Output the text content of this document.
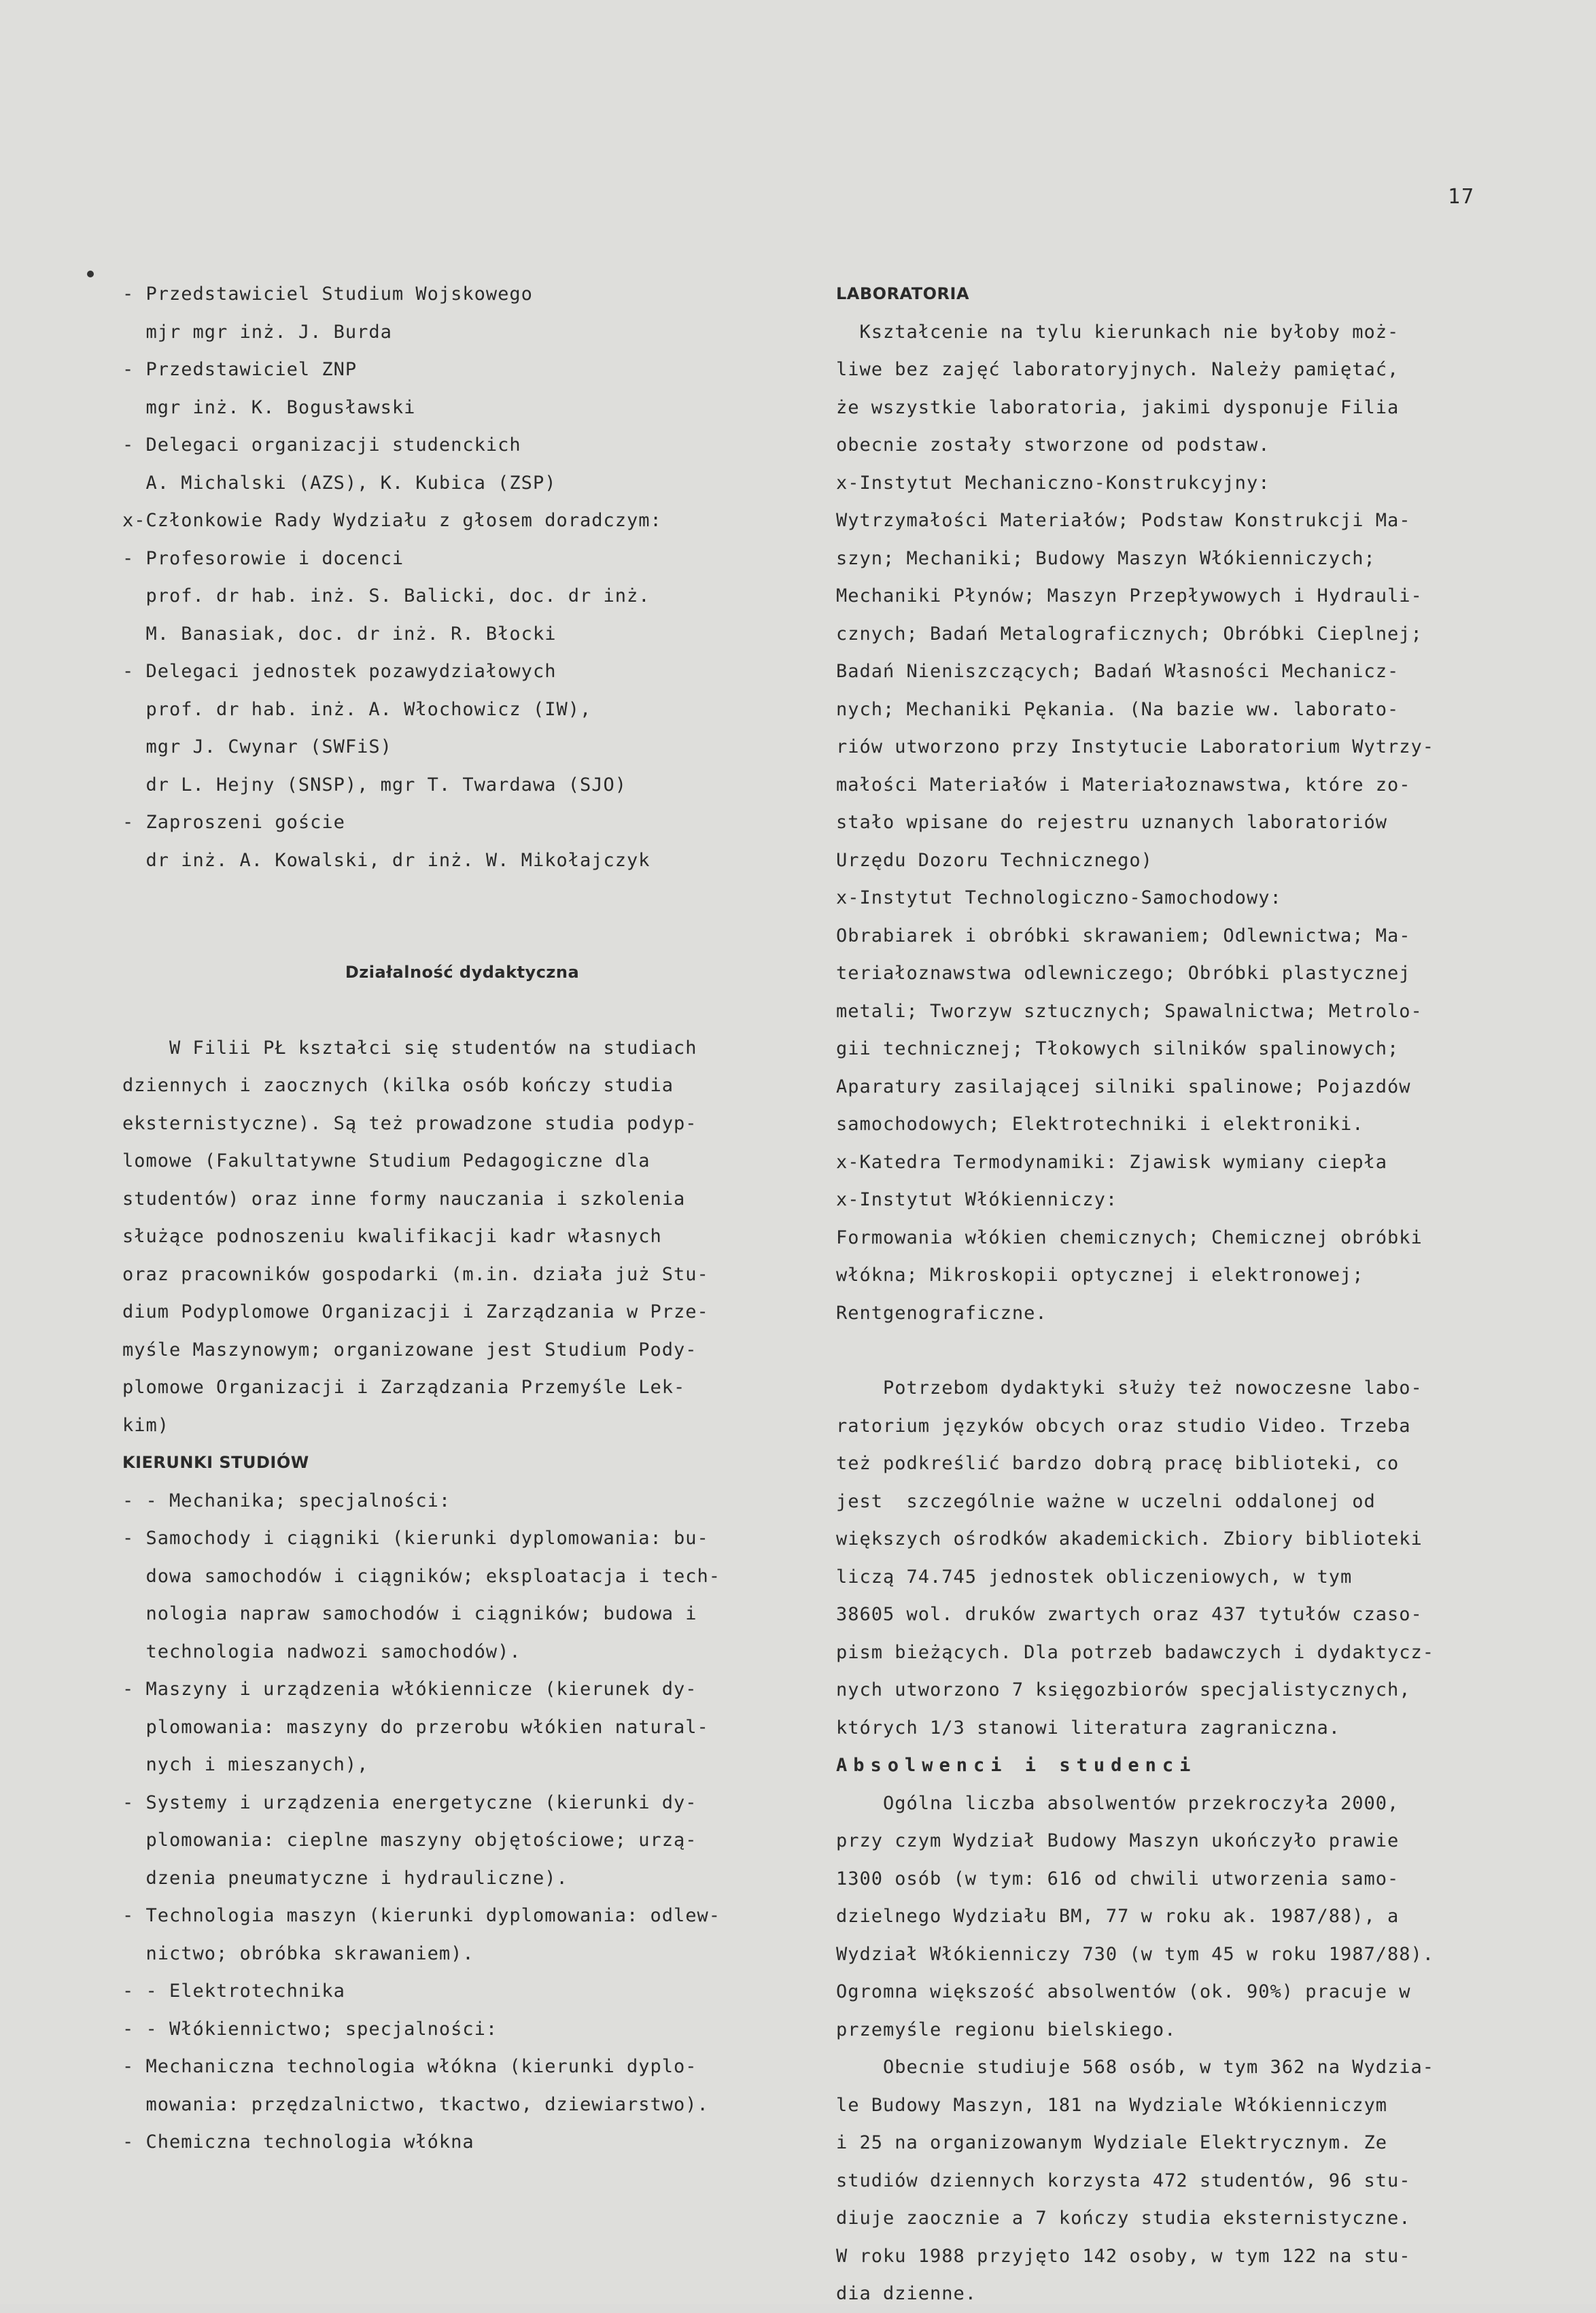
17
- Przedstawiciel Studium Wojskowego
mjr mgr inż. J. Burda
- Przedstawiciel ZNP
mgr inż. K. Bogusławski
- Delegaci organizacji studenckich
A. Michalski (AZS), K. Kubica (ZSP)
x-Członkowie Rady Wydziału z głosem doradczym:
- Profesorowie i docenci
prof. dr hab. inż. S. Balicki, doc. dr inż.
M. Banasiak, doc. dr inż. R. Błocki
- Delegaci jednostek pozawydziałowych
prof. dr hab. inż. A. Włochowicz (IW),
mgr J. Cwynar (SWFiS)
dr L. Hejny (SNSP), mgr T. Twardawa (SJO)
- Zaproszeni goście
dr inż. A. Kowalski, dr inż. W. Mikołajczyk
Działalność dydaktyczna
W Filii PŁ kształci się studentów na studiach
dziennych i zaocznych (kilka osób kończy studia
eksternistyczne). Są też prowadzone studia podyp-
lomowe (Fakultatywne Studium Pedagogiczne dla
studentów) oraz inne formy nauczania i szkolenia
służące podnoszeniu kwalifikacji kadr własnych
oraz pracowników gospodarki (m.in. działa już Stu-
dium Podyplomowe Organizacji i Zarządzania w Prze-
myśle Maszynowym; organizowane jest Studium Pody-
plomowe Organizacji i Zarządzania Przemyśle Lek-
kim)
KIERUNKI STUDIÓW
- - Mechanika; specjalności:
- Samochody i ciągniki (kierunki dyplomowania: bu-
dowa samochodów i ciągników; eksploatacja i tech-
nologia napraw samochodów i ciągników; budowa i
technologia nadwozi samochodów).
- Maszyny i urządzenia włókiennicze (kierunek dy-
plomowania: maszyny do przerobu włókien natural-
nych i mieszanych),
- Systemy i urządzenia energetyczne (kierunki dy-
plomowania: cieplne maszyny objętościowe; urzą-
dzenia pneumatyczne i hydrauliczne).
- Technologia maszyn (kierunki dyplomowania: odlew-
nictwo; obróbka skrawaniem).
- - Elektrotechnika
- - Włókiennictwo; specjalności:
- Mechaniczna technologia włókna (kierunki dyplo-
mowania: przędzalnictwo, tkactwo, dziewiarstwo).
- Chemiczna technologia włókna
LABORATORIA
Kształcenie na tylu kierunkach nie byłoby moż-
liwe bez zajęć laboratoryjnych. Należy pamiętać,
że wszystkie laboratoria, jakimi dysponuje Filia
obecnie zostały stworzone od podstaw.
x-Instytut Mechaniczno-Konstrukcyjny:
Wytrzymałości Materiałów; Podstaw Konstrukcji Ma-
szyn; Mechaniki; Budowy Maszyn Włókienniczych;
Mechaniki Płynów; Maszyn Przepływowych i Hydrauli-
cznych; Badań Metalograficznych; Obróbki Cieplnej;
Badań Nieniszczących; Badań Własności Mechanicz-
nych; Mechaniki Pękania. (Na bazie ww. laborato-
riów utworzono przy Instytucie Laboratorium Wytrzy-
małości Materiałów i Materiałoznawstwa, które zo-
stało wpisane do rejestru uznanych laboratoriów
Urzędu Dozoru Technicznego)
x-Instytut Technologiczno-Samochodowy:
Obrabiarek i obróbki skrawaniem; Odlewnictwa; Ma-
teriałoznawstwa odlewniczego; Obróbki plastycznej
metali; Tworzyw sztucznych; Spawalnictwa; Metrolo-
gii technicznej; Tłokowych silników spalinowych;
Aparatury zasilającej silniki spalinowe; Pojazdów
samochodowych; Elektrotechniki i elektroniki.
x-Katedra Termodynamiki: Zjawisk wymiany ciepła
x-Instytut Włókienniczy:
Formowania włókien chemicznych; Chemicznej obróbki
włókna; Mikroskopii optycznej i elektronowej;
Rentgenograficzne.
Potrzebom dydaktyki służy też nowoczesne labo-
ratorium języków obcych oraz studio Video. Trzeba
też podkreślić bardzo dobrą pracę biblioteki, co
jest  szczególnie ważne w uczelni oddalonej od
większych ośrodków akademickich. Zbiory biblioteki
liczą 74.745 jednostek obliczeniowych, w tym
38605 wol. druków zwartych oraz 437 tytułów czaso-
pism bieżących. Dla potrzeb badawczych i dydaktycz-
nych utworzono 7 księgozbiorów specjalistycznych,
których 1/3 stanowi literatura zagraniczna.
Absolwenci i studenci
Ogólna liczba absolwentów przekroczyła 2000,
przy czym Wydział Budowy Maszyn ukończyło prawie
1300 osób (w tym: 616 od chwili utworzenia samo-
dzielnego Wydziału BM, 77 w roku ak. 1987/88), a
Wydział Włókienniczy 730 (w tym 45 w roku 1987/88).
Ogromna większość absolwentów (ok. 90%) pracuje w
przemyśle regionu bielskiego.
Obecnie studiuje 568 osób, w tym 362 na Wydzia-
le Budowy Maszyn, 181 na Wydziale Włókienniczym
i 25 na organizowanym Wydziale Elektrycznym. Ze
studiów dziennych korzysta 472 studentów, 96 stu-
diuje zaocznie a 7 kończy studia eksternistyczne.
W roku 1988 przyjęto 142 osoby, w tym 122 na stu-
dia dzienne.
